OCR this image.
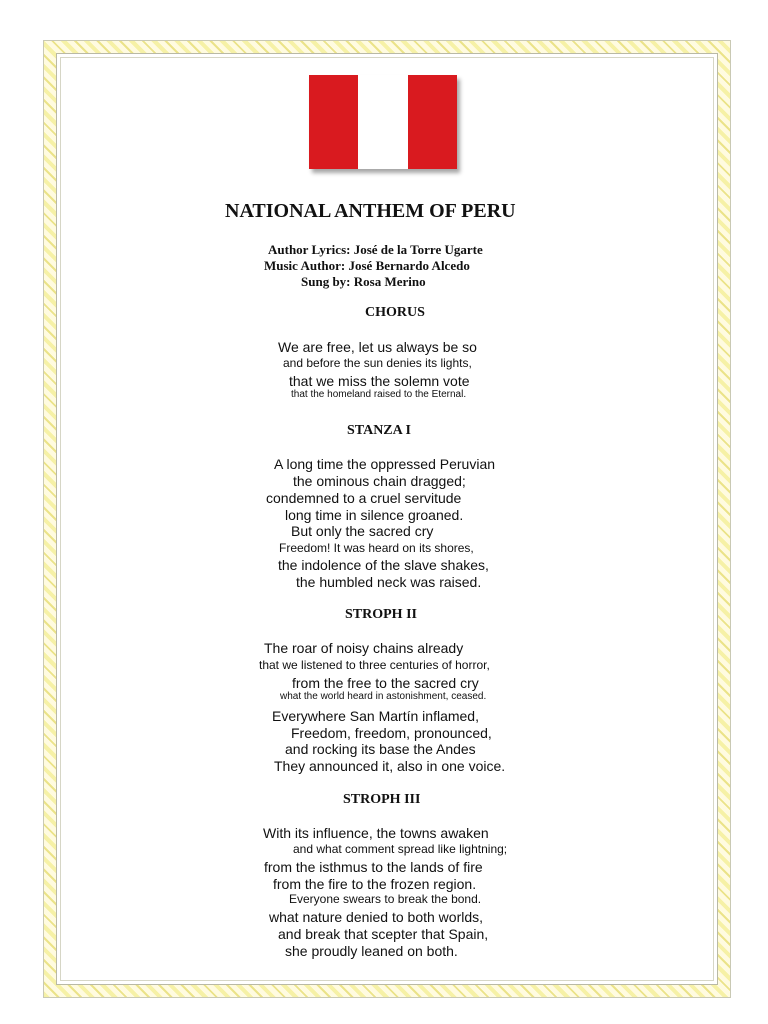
NATIONAL ANTHEM OF PERU
Author Lyrics: José de la Torre Ugarte
Music Author: José Bernardo Alcedo
Sung by: Rosa Merino
CHORUS
We are free, let us always be so
and before the sun denies its lights,
that we miss the solemn vote
that the homeland raised to the Eternal.
STANZA I
A long time the oppressed Peruvian
the ominous chain dragged;
condemned to a cruel servitude
long time in silence groaned.
But only the sacred cry
Freedom! It was heard on its shores,
the indolence of the slave shakes,
the humbled neck was raised.
STROPH II
The roar of noisy chains already
that we listened to three centuries of horror,
from the free to the sacred cry
what the world heard in astonishment, ceased.
Everywhere San Martín inflamed,
Freedom, freedom, pronounced,
and rocking its base the Andes
They announced it, also in one voice.
STROPH III
With its influence, the towns awaken
and what comment spread like lightning;
from the isthmus to the lands of fire
from the fire to the frozen region.
Everyone swears to break the bond.
what nature denied to both worlds,
and break that scepter that Spain,
she proudly leaned on both.
